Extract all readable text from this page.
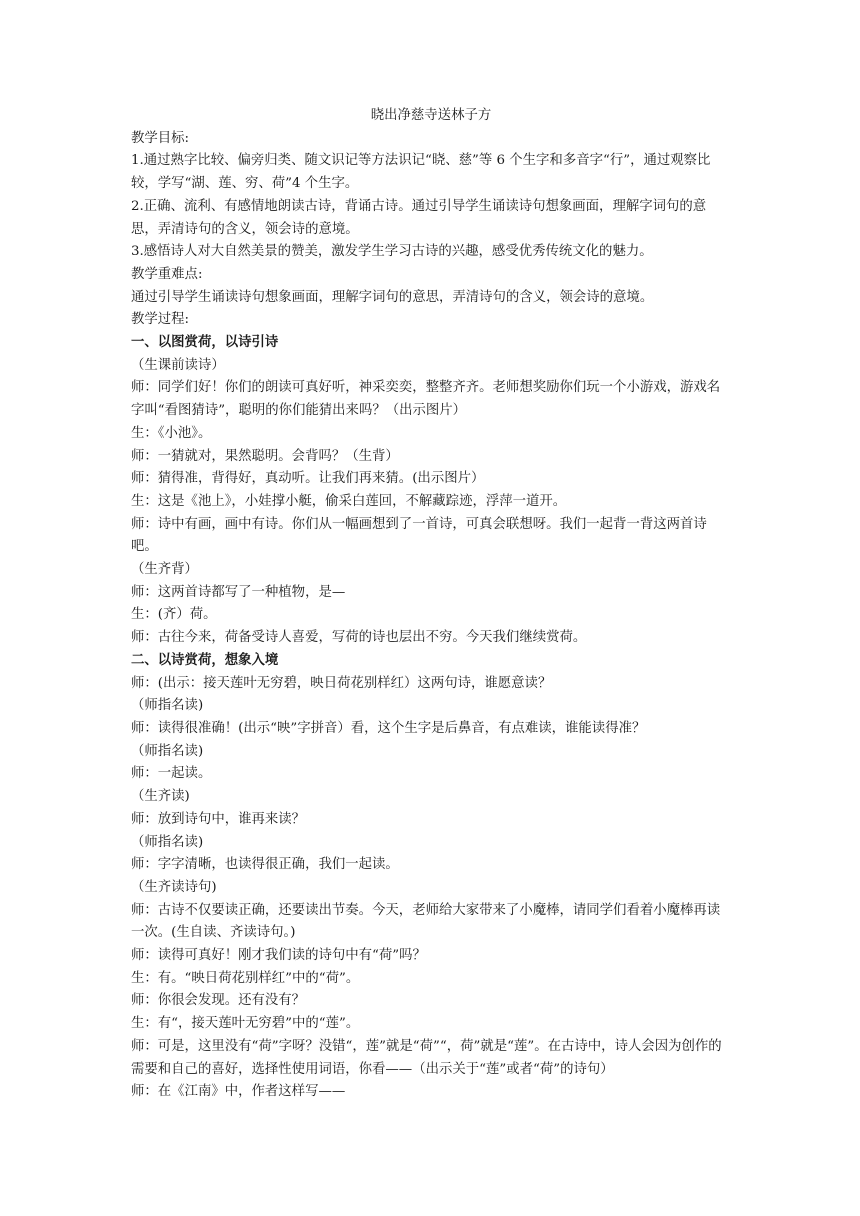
晓出净慈寺送林子方

教学目标:

1.通过熟字比较、偏旁归类、随文识记等方法识记“晓、慈”等 6 个生字和多音字“行”，通过观察比较，学写“湖、莲、穷、荷”4 个生字。

2.正确、流利、有感情地朗读古诗，背诵古诗。通过引导学生诵读诗句想象画面，理解字词句的意思，弄清诗句的含义，领会诗的意境。

3.感悟诗人对大自然美景的赞美，激发学生学习古诗的兴趣，感受优秀传统文化的魅力。

教学重难点:

通过引导学生诵读诗句想象画面，理解字词句的意思，弄清诗句的含义，领会诗的意境。

教学过程:

一、以图赏荷，以诗引诗

（生课前读诗）

师：同学们好！你们的朗读可真好听，神采奕奕，整整齐齐。老师想奖励你们玩一个小游戏，游戏名字叫“看图猜诗”，聪明的你们能猜出来吗？（出示图片）

生：《小池》。

师：一猜就对，果然聪明。会背吗？（生背）

师：猜得准，背得好，真动听。让我们再来猜。(出示图片）

生：这是《池上》，小娃撑小艇，偷采白莲回，不解藏踪迹，浮萍一道开。

师：诗中有画，画中有诗。你们从一幅画想到了一首诗，可真会联想呀。我们一起背一背这两首诗吧。

（生齐背）

师：这两首诗都写了一种植物，是—

生：(齐）荷。

师：古往今来，荷备受诗人喜爱，写荷的诗也层出不穷。今天我们继续赏荷。

二、以诗赏荷，想象入境

师：(出示：接天莲叶无穷碧，映日荷花别样红）这两句诗，谁愿意读？

（师指名读)

师：读得很准确！(出示“映”字拼音）看，这个生字是后鼻音，有点难读，谁能读得准？

（师指名读)

师：一起读。

（生齐读)

师：放到诗句中，谁再来读？

（师指名读)

师：字字清晰，也读得很正确，我们一起读。

（生齐读诗句)

师：古诗不仅要读正确，还要读出节奏。今天，老师给大家带来了小魔棒，请同学们看着小魔棒再读一次。(生自读、齐读诗句。)

师：读得可真好！刚才我们读的诗句中有“荷”吗？

生：有。“映日荷花别样红”中的“荷”。

师：你很会发现。还有没有？

生：有“，接天莲叶无穷碧”中的“莲”。

师：可是，这里没有“荷”字呀？没错“，莲”就是“荷”“，荷”就是“莲”。在古诗中，诗人会因为创作的需要和自己的喜好，选择性使用词语，你看——（出示关于“莲”或者“荷”的诗句）

师：在《江南》中，作者这样写——
